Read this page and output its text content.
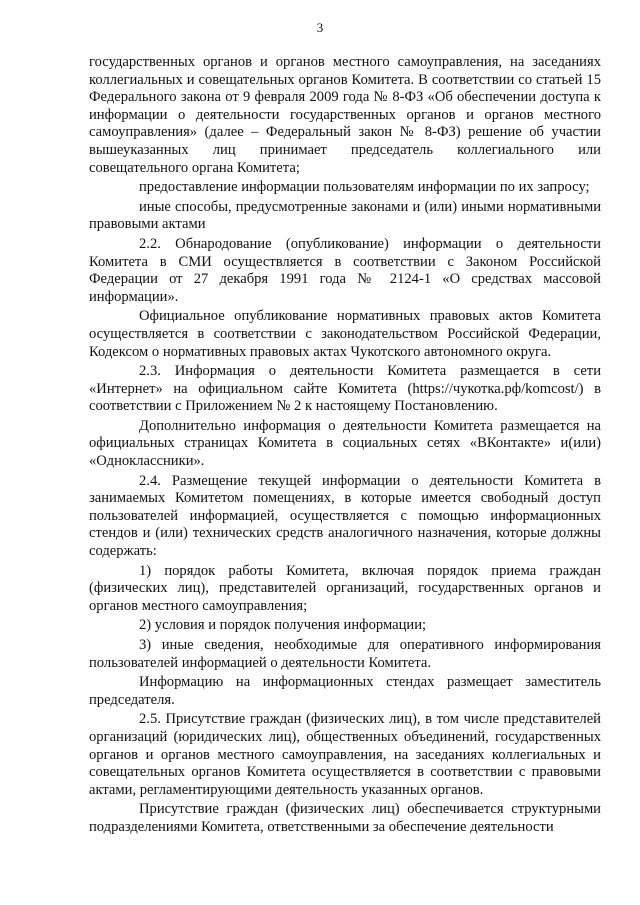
3

государственных органов и органов местного самоуправления, на заседаниях коллегиальных и совещательных органов Комитета. В соответствии со статьей 15 Федерального закона от 9 февраля 2009 года № 8-ФЗ «Об обеспечении доступа к информации о деятельности государственных органов и органов местного самоуправления» (далее – Федеральный закон № 8-ФЗ) решение об участии вышеуказанных лиц принимает председатель коллегиального или совещательного органа Комитета;

предоставление информации пользователям информации по их запросу;

иные способы, предусмотренные законами и (или) иными нормативными правовыми актами

2.2. Обнародование (опубликование) информации о деятельности Комитета в СМИ осуществляется в соответствии с Законом Российской Федерации от 27 декабря 1991 года № 2124-1 «О средствах массовой информации».

Официальное опубликование нормативных правовых актов Комитета осуществляется в соответствии с законодательством Российской Федерации, Кодексом о нормативных правовых актах Чукотского автономного округа.

2.3. Информация о деятельности Комитета размещается в сети «Интернет» на официальном сайте Комитета (https://чукотка.рф/komcost/) в соответствии с Приложением № 2 к настоящему Постановлению.

Дополнительно информация о деятельности Комитета размещается на официальных страницах Комитета в социальных сетях «ВКонтакте» и(или) «Одноклассники».

2.4. Размещение текущей информации о деятельности Комитета в занимаемых Комитетом помещениях, в которые имеется свободный доступ пользователей информацией, осуществляется с помощью информационных стендов и (или) технических средств аналогичного назначения, которые должны содержать:

1) порядок работы Комитета, включая порядок приема граждан (физических лиц), представителей организаций, государственных органов и органов местного самоуправления;

2) условия и порядок получения информации;

3) иные сведения, необходимые для оперативного информирования пользователей информацией о деятельности Комитета.

Информацию на информационных стендах размещает заместитель председателя.

2.5. Присутствие граждан (физических лиц), в том числе представителей организаций (юридических лиц), общественных объединений, государственных органов и органов местного самоуправления, на заседаниях коллегиальных и совещательных органов Комитета осуществляется в соответствии с правовыми актами, регламентирующими деятельность указанных органов.

Присутствие граждан (физических лиц) обеспечивается структурными подразделениями Комитета, ответственными за обеспечение деятельности
